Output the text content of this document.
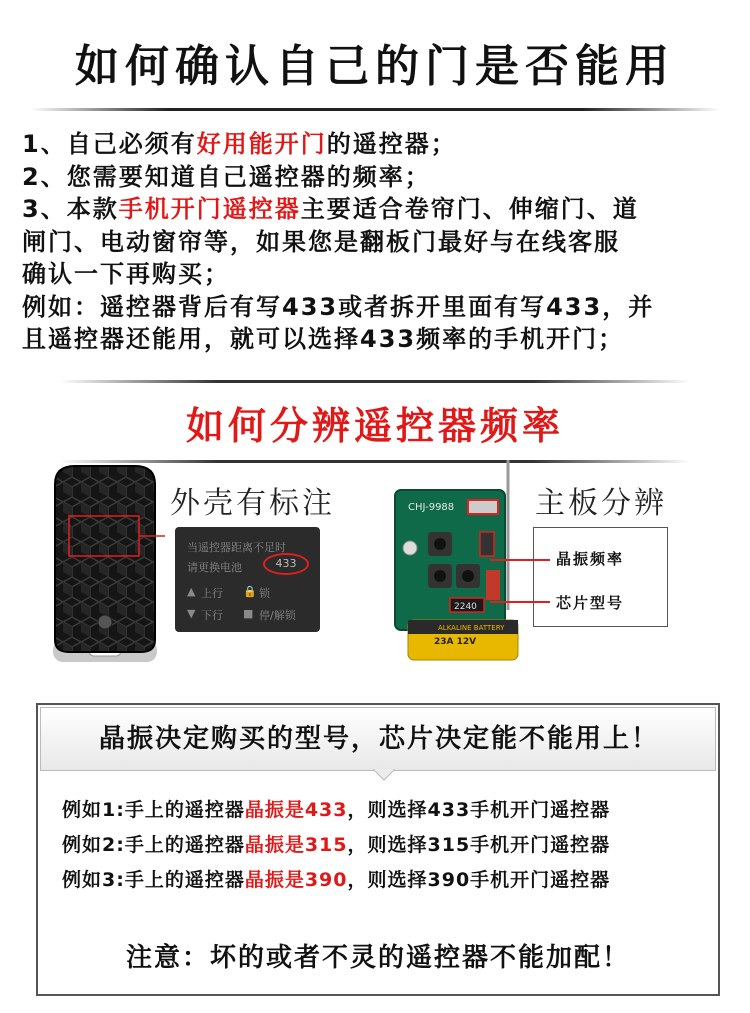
如何确认自己的门是否能用
1、自己必须有好用能开门的遥控器；
2、您需要知道自己遥控器的频率；
3、本款手机开门遥控器主要适合卷帘门、伸缩门、道
闸门、电动窗帘等，如果您是翻板门最好与在线客服
确认一下再购买；
例如：遥控器背后有写433或者拆开里面有写433，并
且遥控器还能用，就可以选择433频率的手机开门；
如何分辨遥控器频率
外壳有标注	主板分辨
当遥控器距离不足时
请更换电池	433
▲ 上行 🔒 锁
▼ 下行 ■ 停/解锁
CHJ-9988
2240
ALKALINE BATTERY
23A 12V
晶振频率
芯片型号
晶振决定购买的型号，芯片决定能不能用上！
例如1:手上的遥控器晶振是433，则选择433手机开门遥控器
例如2:手上的遥控器晶振是315，则选择315手机开门遥控器
例如3:手上的遥控器晶振是390，则选择390手机开门遥控器
注意：坏的或者不灵的遥控器不能加配！
